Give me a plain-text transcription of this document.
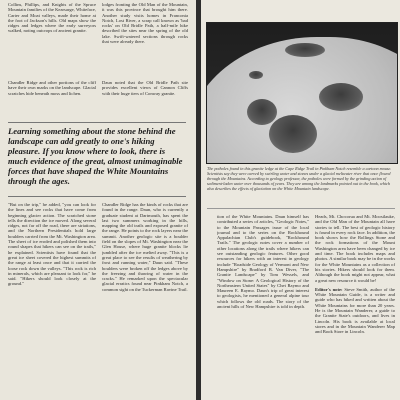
Collins, Phillips, and Knights of the Spruce Mountain families of the Kearsarge, Whiteface, Carter and Moat valleys, made their home at the foot of Jackson's hills. Old maps show the ridges and ledges where the early surveyors walked, noting outcrops of ancient granite.

lodges fronting the Old Man of the Mountain, it was this province that brought him there. Another study visits homes in Franconia Notch, Lost River, a scrap call known as 'bad rocks' on Old Bridle Path, a half-mile hike described the sites near the spring of the old lake. Swift-watered sections through rocks that were already there.

Chandler Ridge and other portions of the cliff have their own marks on the landscape. Glacial scratches hide beneath moss and lichen.

Daun noted that the Old Bridle Path site provides excellent views of Cannon Cliffs with their huge tiers of Conway granite.

Learning something about the stone behind the landscape can add greatly to one's hiking pleasure. If you know where to look, there is much evidence of the great, almost unimaginable forces that have shaped the White Mountains through the ages.

"But on the trip," he added, "you can look for the lines and see rocks that have come from beginning glacier action. The scratched stone tells the direction the ice moved. Along several ridges, not far off the road, there are striations, and the Northern Presidentials hold large boulders carried from the Mt. Washington area. The sheet of ice eroded and polished them into round shapes that hikers can see on the trails," he explained. Scientists have found that the great ice sheet covered the highest summits of the range at least once and that it carried the loose rock down the valleys. "This rock is rich in minerals, which are pleasant to look for," he said. "Hikers should look closely at the ground."

Chandler Ridge has the kinds of rocks that are found in the range. Daun, who is currently a graduate student at Dartmouth, has spent the last two summers working in the hills, mapping the old trails and exposed granite of the range. He points to the rock layers near the summit. Another geologic site is a boulder field on the slopes of Mt. Washington near the Glen House, where huge granite blocks lie jumbled after the ice melted away. "This is a great place to see the results of weathering by frost and running water," Daun said. "These boulders were broken off the ledges above by the freezing and thawing of water in the cracks." He remarked upon the spectacular glacial erratics found near Pinkham Notch, a common sight on the Tuckerman Ravine Trail.

The potholes found in this granite ledge at the Cape Ridge Trail in Pinkham Notch resemble a cartoon mouse. Scientists say they were carved by swirling water and stones under a glacial meltwater river that once flowed through the Mountains. According to geology professor, the potholes were formed by the grinding action of sediment-laden water over thousands of years. They are among the landmarks pointed out in the book, which also describes the effects of glaciation on the White Mountain landscape.

tion of the White Mountains. Daun himself has contributed a series of articles, "Geologic Notes," to the Mountain Passages issue of the local journal and to the series on the Rockhound Appalachian Club's guidebook, "Rockhound Trails." The geologic notes cover a number of other locations along the trails where hikers can see outstanding geologic features. Other good resources for hikers with an interest in geology include "Roadside Geology of Vermont and New Hampshire" by Bradford B. Van Diver, "The Granite Landscape" by Tom Wessels, and "Window on Stone: A Geological History of the Northeastern United States" by Chet Raymo and Maureen E. Raymo. Daun's trip of great interest to geologists, he mentioned a general alpine tour which follows the old roads. The story of the ancient hills of New Hampshire is told in depth.

Heads, Mt. Chocorua and Mt. Moosilauke, and the Old Man of the Mountain all have stories to tell. The best of geologic history is found in every rock face. In addition, the book shows how the Rollings Stone and the rock formations of the Mount Washington area have been changed by ice and time. The book includes maps and photos. A similar book may be in the works for the White Mountains as a collection of his stories. Hikers should look for them. Although the book might not appear, what a great new resource it would be!

Editor's note: Steve Smith, author of the White Mountain Guide, is a writer and guide who has hiked and written about the White Mountains for more than 20 years. He is the Mountain Wanderer, a guide to the Granite State's outdoors, and lives in Lincoln. His book is available at local stores and in the Mountain Wanderer Map and Book Store in Lincoln.
